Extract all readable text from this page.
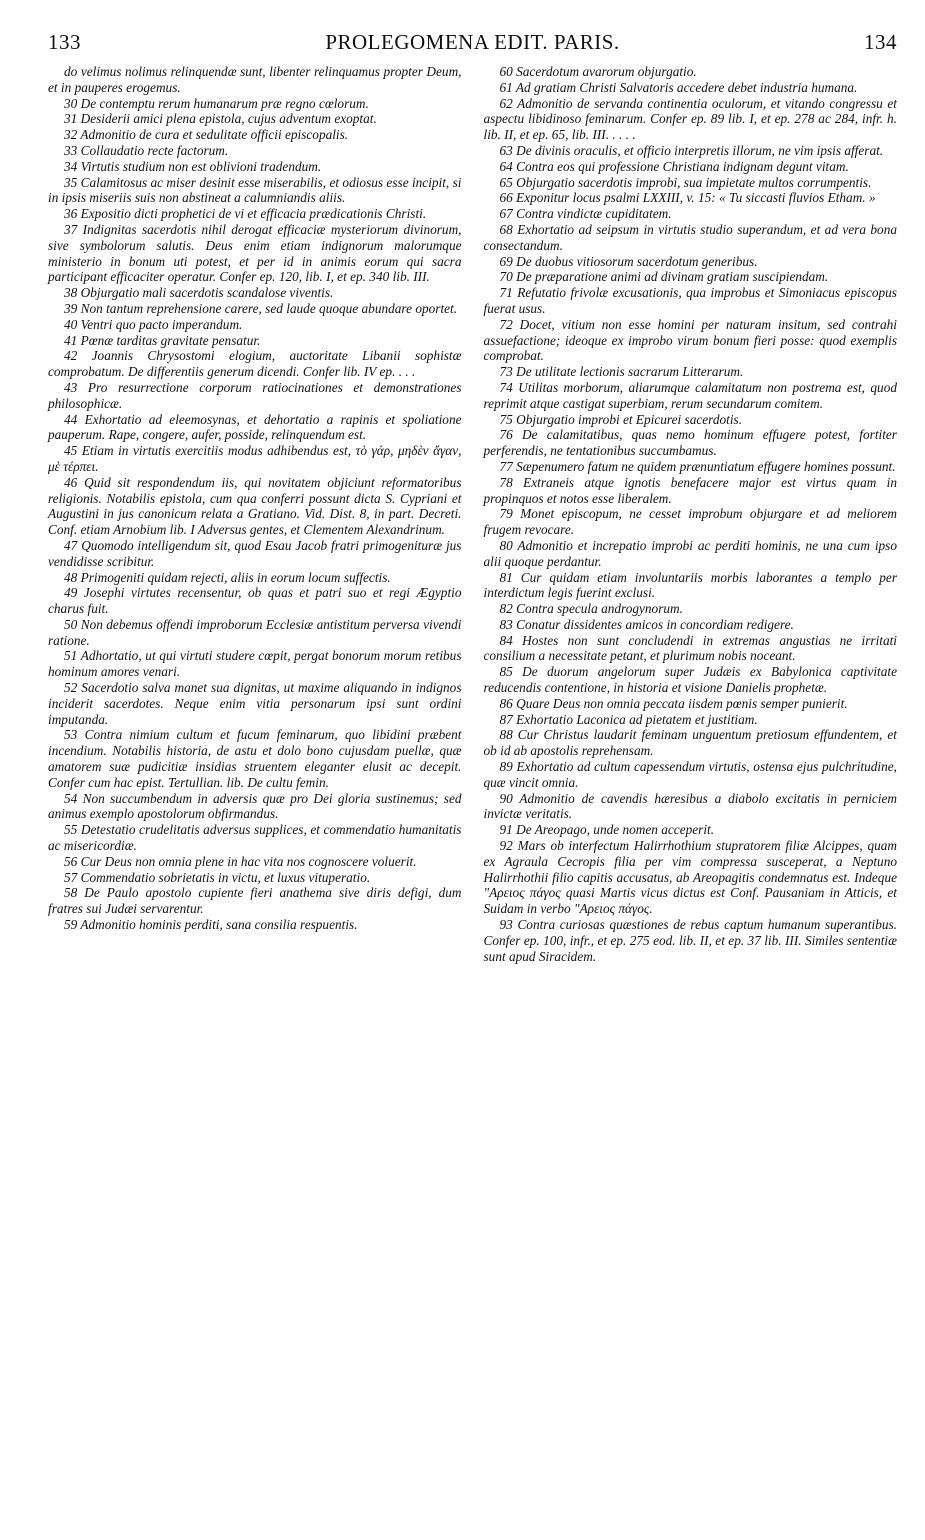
133	PROLEGOMENA EDIT. PARIS.	134

do velimus nolimus relinquendæ sunt, libenter relinquamus propter Deum, et in pauperes erogemus.

30 De contemptu rerum humanarum præ regno cœlorum.

31 Desiderii amici plena epistola, cujus adventum exoptat.

32 Admonitio de cura et sedulitate officii episcopalis.

33 Collaudatio recte factorum.

34 Virtutis studium non est oblivioni tradendum.

35 Calamitosus ac miser desinit esse miserabilis, et odiosus esse incipit, si in ipsis miseriis suis non abstineat a calumniandis aliis.

36 Expositio dicti prophetici de vi et efficacia prædicationis Christi.

37 Indignitas sacerdotis nihil derogat efficaciæ mysteriorum divinorum, sive symbolorum salutis. Deus enim etiam indignorum malorumque ministerio in bonum uti potest, et per id in animis eorum qui sacra participant efficaciter operatur. Confer ep. 120, lib. I, et ep. 340 lib. III.

38 Objurgatio mali sacerdotis scandalose viventis.

39 Non tantum reprehensione carere, sed laude quoque abundare oportet.

40 Ventri quo pacto imperandum.

41 Pœnæ tarditas gravitate pensatur.

42 Joannis Chrysostomi elogium, auctoritate Libanii sophistæ comprobatum. De differentiis generum dicendi. Confer lib. IV ep. . . .

43 Pro resurrectione corporum ratiocinationes et demonstrationes philosophicæ.

44 Exhortatio ad eleemosynas, et dehortatio a rapinis et spoliatione pauperum. Rape, congere, aufer, posside, relinquendum est.

45 Etiam in virtutis exercitiis modus adhibendus est, τὸ γάρ, μηδὲν ἄγαν, μὲ τέρπει.

46 Quid sit respondendum iis, qui novitatem objiciunt reformatoribus religionis. Notabilis epistola, cum qua conferri possunt dicta S. Cypriani et Augustini in jus canonicum relata a Gratiano. Vid. Dist. 8, in part. Decreti. Conf. etiam Arnobium lib. I Adversus gentes, et Clementem Alexandrinum.

47 Quomodo intelligendum sit, quod Esau Jacob fratri primogenituræ jus vendidisse scribitur.

48 Primogeniti quidam rejecti, aliis in eorum locum suffectis.

49 Josephi virtutes recensentur, ob quas et patri suo et regi Ægyptio charus fuit.

50 Non debemus offendi improborum Ecclesiæ antistitum perversa vivendi ratione.

51 Adhortatio, ut qui virtuti studere cœpit, pergat bonorum morum retibus hominum amores venari.

52 Sacerdotio salva manet sua dignitas, ut maxime aliquando in indignos inciderit sacerdotes. Neque enim vitia personarum ipsi sunt ordini imputanda.

53 Contra nimium cultum et fucum feminarum, quo libidini præbent incendium. Notabilis historia, de astu et dolo bono cujusdam puellæ, quæ amatorem suæ pudicitiæ insidias struentem eleganter elusit ac decepit. Confer cum hac epist. Tertullian. lib. De cultu femin.

54 Non succumbendum in adversis quæ pro Dei gloria sustinemus; sed animus exemplo apostolorum obfirmandus.

55 Detestatio crudelitatis adversus supplices, et commendatio humanitatis ac misericordiæ.

56 Cur Deus non omnia plene in hac vita nos cognoscere voluerit.

57 Commendatio sobrietatis in victu, et luxus vituperatio.

58 De Paulo apostolo cupiente fieri anathema sive diris defigi, dum fratres sui Judæi servarentur.

59 Admonitio hominis perditi, sana consilia respuentis.

60 Sacerdotum avarorum objurgatio.

61 Ad gratiam Christi Salvatoris accedere debet industria humana.

62 Admonitio de servanda continentia oculorum, et vitando congressu et aspectu libidinoso feminarum. Confer ep. 89 lib. I, et ep. 278 ac 284, infr. h. lib. II, et ep. 65, lib. III. . . . .

63 De divinis oraculis, et officio interpretis illorum, ne vim ipsis afferat.

64 Contra eos qui professione Christiana indignam degunt vitam.

65 Objurgatio sacerdotis improbi, sua impietate multos corrumpentis.

66 Exponitur locus psalmi LXXIII, v. 15: « Tu siccasti fluvios Etham. »

67 Contra vindictæ cupiditatem.

68 Exhortatio ad seipsum in virtutis studio superandum, et ad vera bona consectandum.

69 De duobus vitiosorum sacerdotum generibus.

70 De præparatione animi ad divinam gratiam suscipiendam.

71 Refutatio frivolæ excusationis, qua improbus et Simoniacus episcopus fuerat usus.

72 Docet, vitium non esse homini per naturam insitum, sed contrahi assuefactione; ideoque ex improbo virum bonum fieri posse: quod exemplis comprobat.

73 De utilitate lectionis sacrarum Litterarum.

74 Utilitas morborum, aliarumque calamitatum non postrema est, quod reprimit atque castigat superbiam, rerum secundarum comitem.

75 Objurgatio improbi et Epicurei sacerdotis.

76 De calamitatibus, quas nemo hominum effugere potest, fortiter perferendis, ne tentationibus succumbamus.

77 Sæpenumero fatum ne quidem prænuntiatum effugere homines possunt.

78 Extraneis atque ignotis benefacere major est virtus quam in propinquos et notos esse liberalem.

79 Monet episcopum, ne cesset improbum objurgare et ad meliorem frugem revocare.

80 Admonitio et increpatio improbi ac perditi hominis, ne una cum ipso alii quoque perdantur.

81 Cur quidam etiam involuntariis morbis laborantes a templo per interdictum legis fuerint exclusi.

82 Contra specula androgynorum.

83 Conatur dissidentes amicos in concordiam redigere.

84 Hostes non sunt concludendi in extremas angustias ne irritati consilium a necessitate petant, et plurimum nobis noceant.

85 De duorum angelorum super Judæis ex Babylonica captivitate reducendis contentione, in historia et visione Danielis prophetæ.

86 Quare Deus non omnia peccata iisdem pœnis semper punierit.

87 Exhortatio Laconica ad pietatem et justitiam.

88 Cur Christus laudarit feminam unguentum pretiosum effundentem, et ob id ab apostolis reprehensam.

89 Exhortatio ad cultum capessendum virtutis, ostensa ejus pulchritudine, quæ vincit omnia.

90 Admonitio de cavendis hæresibus a diabolo excitatis in perniciem invictæ veritatis.

91 De Areopago, unde nomen acceperit.

92 Mars ob interfectum Halirrhothium stupratorem filiæ Alcippes, quam ex Agraula Cecropis filia per vim compressa susceperat, a Neptuno Halirrhothii filio capitis accusatus, ab Areopagitis condemnatus est. Indeque "Αρειος πάγος quasi Martis vicus dictus est Conf. Pausaniam in Atticis, et Suidam in verbo "Αρειος πάγος.

93 Contra curiosas quæstiones de rebus captum humanum superantibus. Confer ep. 100, infr., et ep. 275 eod. lib. II, et ep. 37 lib. III. Similes sententiæ sunt apud Siracidem.
